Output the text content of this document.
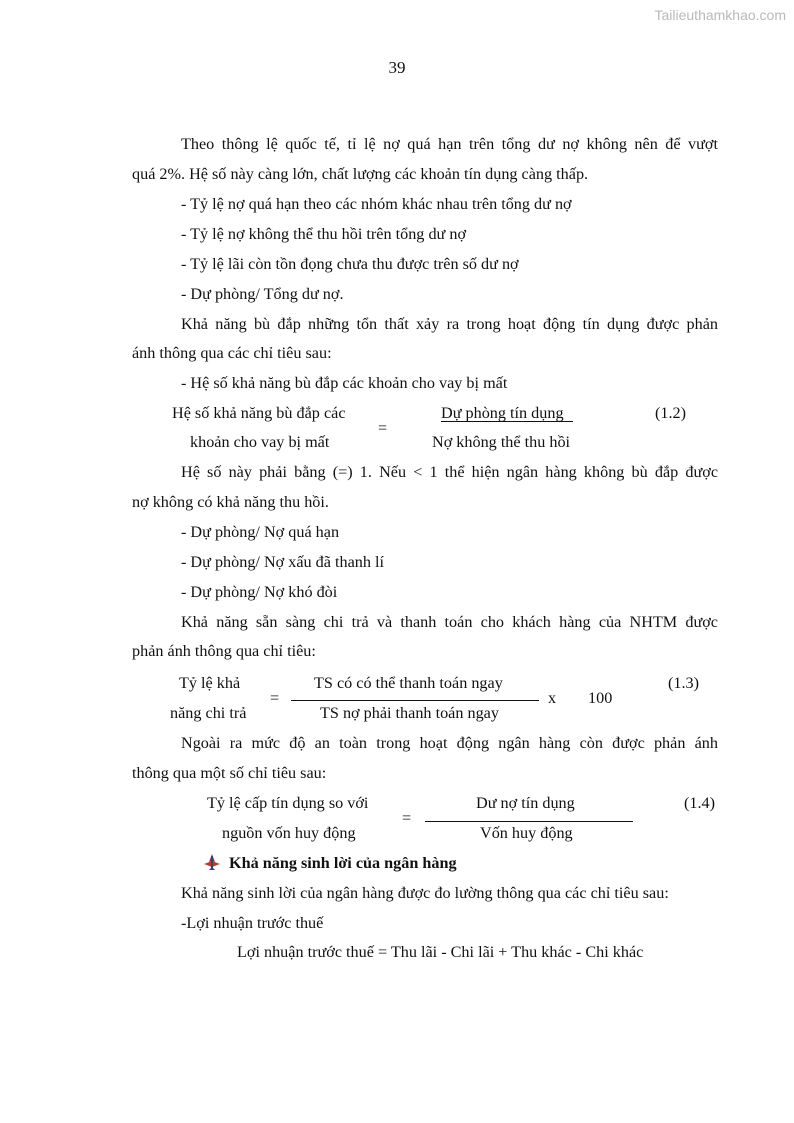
Tailieuthamkhao.com
39
Theo thông lệ quốc tế, tỉ lệ nợ quá hạn trên tổng dư nợ không nên để vượt
quá 2%. Hệ số này càng lớn, chất lượng các khoản tín dụng càng thấp.
- Tỷ lệ nợ quá hạn theo các nhóm khác nhau trên tổng dư nợ
- Tỷ lệ nợ không thể thu hồi trên tổng dư nợ
- Tỷ lệ lãi còn tồn đọng chưa thu được trên số dư nợ
- Dự phòng/ Tổng dư nợ.
Khả năng bù đắp những tổn thất xảy ra trong hoạt động tín dụng được phản
ánh thông qua các chỉ tiêu sau:
- Hệ số khả năng bù đắp các khoản cho vay bị mất
Hệ số khả năng bù đắp các
khoản cho vay bị mất
=
Dự phòng tín dụng
Nợ không thể thu hồi
(1.2)
Hệ số này phải bằng (=) 1. Nếu < 1 thể hiện ngân hàng không bù đắp được
nợ không có khả năng thu hồi.
- Dự phòng/ Nợ quá hạn
- Dự phòng/ Nợ xấu đã thanh lí
- Dự phòng/ Nợ khó đòi
Khả năng sẵn sàng chi trả và thanh toán cho khách hàng của NHTM được
phản ánh thông qua chỉ tiêu:
Tỷ lệ khả
năng chi trả
=
TS có có thể thanh toán ngay
TS nợ phải thanh toán ngay
x 100
(1.3)
Ngoài ra mức độ an toàn trong hoạt động ngân hàng còn được phản ánh
thông qua một số chỉ tiêu sau:
Tỷ lệ cấp tín dụng so với
nguồn vốn huy động
=
Dư nợ tín dụng
Vốn huy động
(1.4)
Khả năng sinh lời của ngân hàng
Khả năng sinh lời của ngân hàng được đo lường thông qua các chỉ tiêu sau:
-Lợi nhuận trước thuế
Lợi nhuận trước thuế = Thu lãi - Chi lãi + Thu khác - Chi khác
